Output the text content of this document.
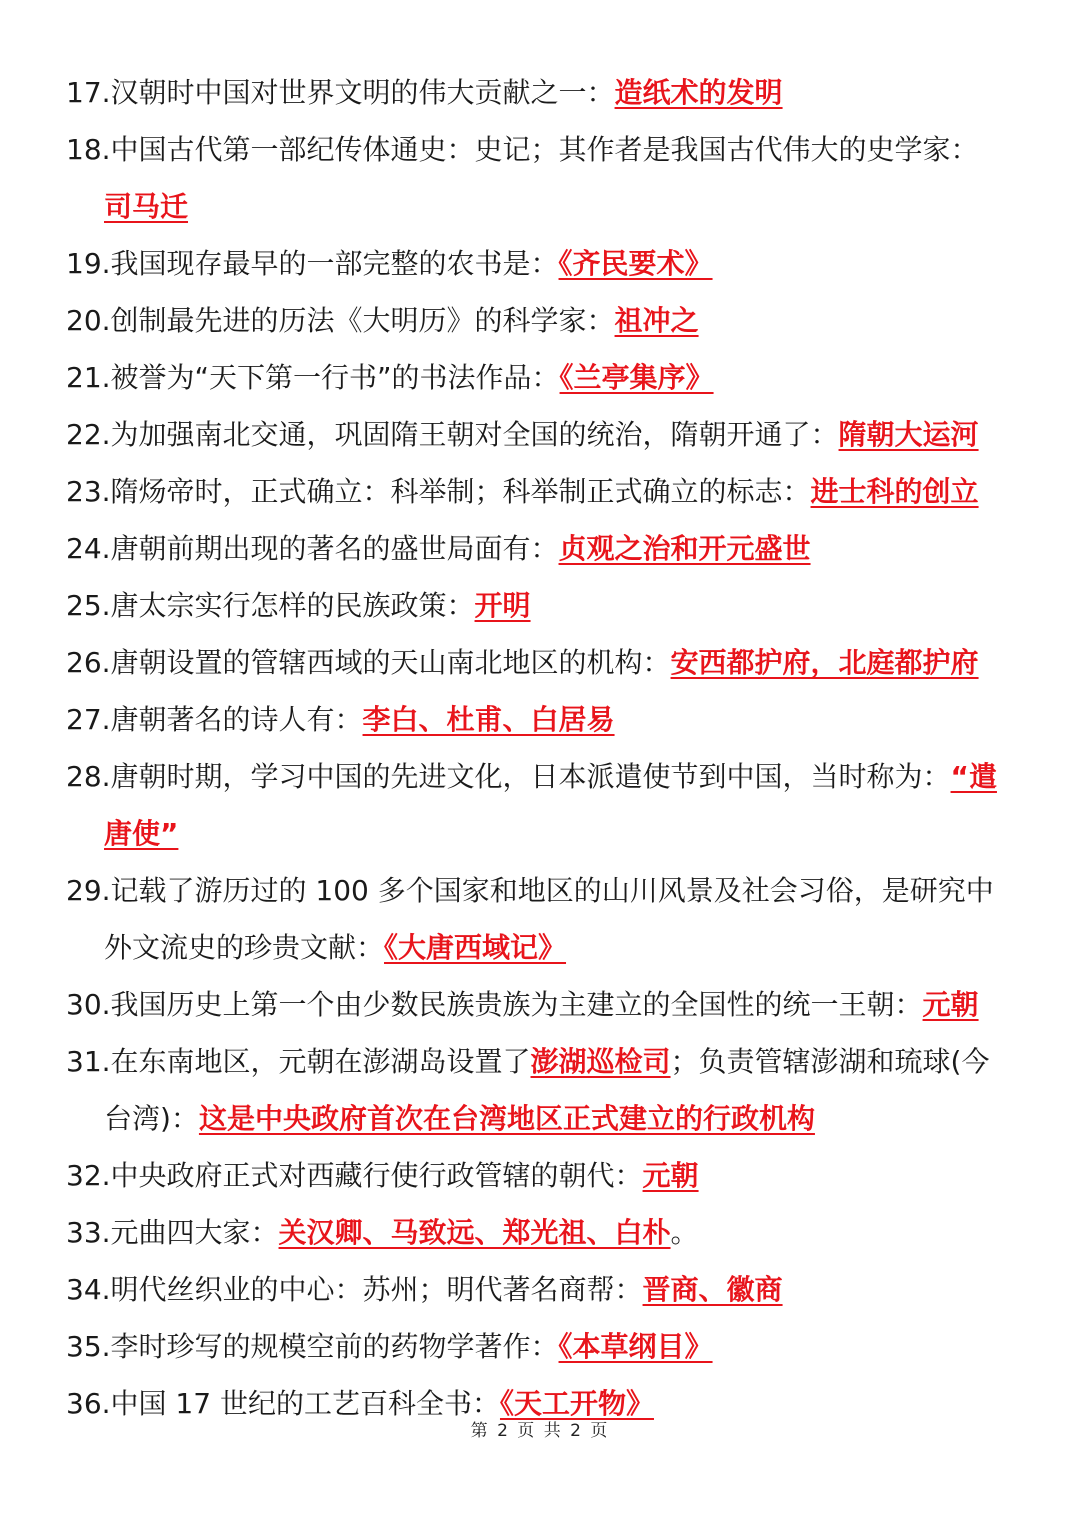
17.汉朝时中国对世界文明的伟大贡献之一：造纸术的发明
18.中国古代第一部纪传体通史：史记；其作者是我国古代伟大的史学家：
司马迁
19.我国现存最早的一部完整的农书是：《齐民要术》
20.创制最先进的历法《大明历》的科学家：祖冲之
21.被誉为“天下第一行书”的书法作品：《兰亭集序》
22.为加强南北交通，巩固隋王朝对全国的统治，隋朝开通了：隋朝大运河
23.隋炀帝时，正式确立：科举制；科举制正式确立的标志：进士科的创立
24.唐朝前期出现的著名的盛世局面有：贞观之治和开元盛世
25.唐太宗实行怎样的民族政策：开明
26.唐朝设置的管辖西域的天山南北地区的机构：安西都护府，北庭都护府
27.唐朝著名的诗人有：李白、杜甫、白居易
28.唐朝时期，学习中国的先进文化，日本派遣使节到中国，当时称为：“遣
唐使”
29.记载了游历过的 100 多个国家和地区的山川风景及社会习俗，是研究中
外文流史的珍贵文献：《大唐西域记》
30.我国历史上第一个由少数民族贵族为主建立的全国性的统一王朝：元朝
31.在东南地区，元朝在澎湖岛设置了澎湖巡检司；负责管辖澎湖和琉球(今
台湾)：这是中央政府首次在台湾地区正式建立的行政机构
32.中央政府正式对西藏行使行政管辖的朝代：元朝
33.元曲四大家：关汉卿、马致远、郑光祖、白朴。
34.明代丝织业的中心：苏州；明代著名商帮：晋商、徽商
35.李时珍写的规模空前的药物学著作：《本草纲目》
36.中国 17 世纪的工艺百科全书：《天工开物》
第 2 页 共 2 页
